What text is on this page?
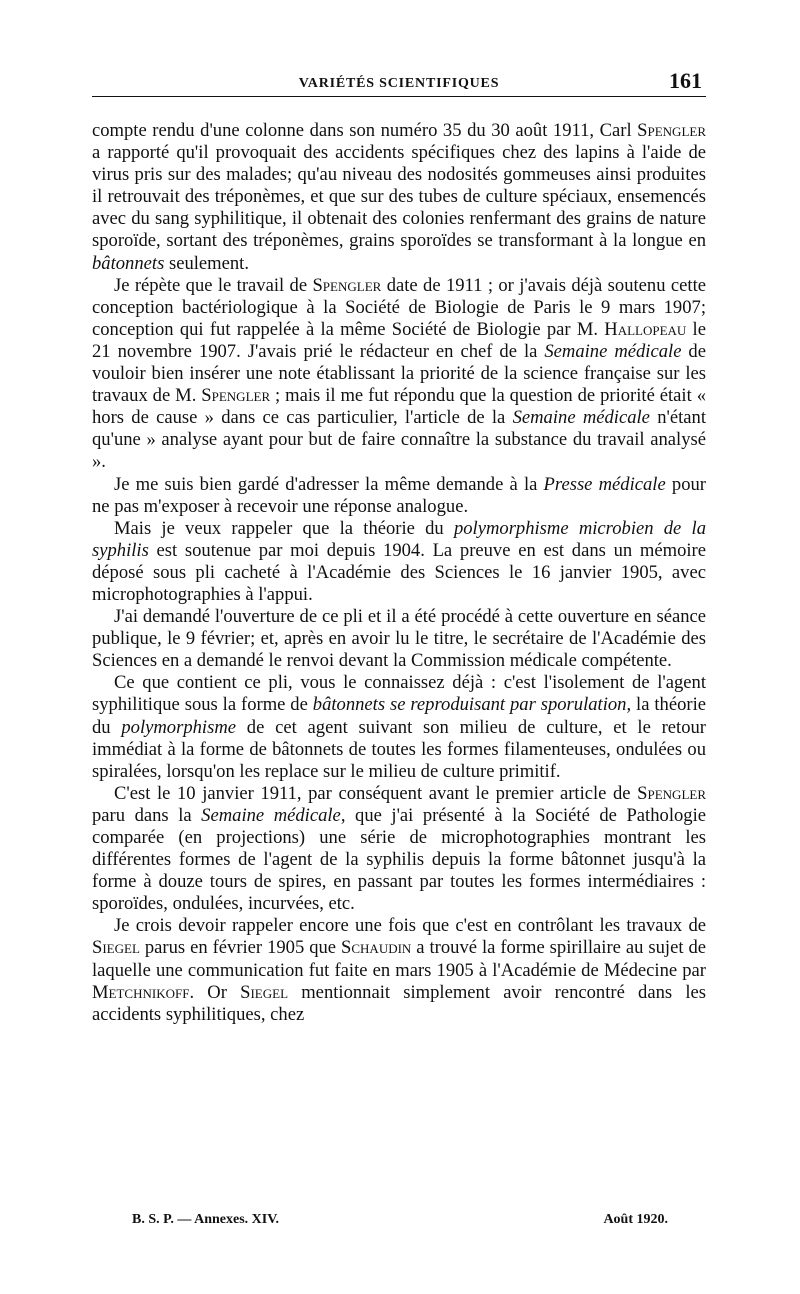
VARIÉTÉS SCIENTIFIQUES	161

compte rendu d'une colonne dans son numéro 35 du 30 août 1911, Carl Spengler a rapporté qu'il provoquait des accidents spécifiques chez des lapins à l'aide de virus pris sur des malades; qu'au niveau des nodosités gommeuses ainsi produites il retrouvait des tréponèmes, et que sur des tubes de culture spéciaux, ensemencés avec du sang syphilitique, il obtenait des colonies renfermant des grains de nature sporoïde, sortant des tréponèmes, grains sporoïdes se transformant à la longue en bâtonnets seulement.

Je répète que le travail de Spengler date de 1911 ; or j'avais déjà soutenu cette conception bactériologique à la Société de Biologie de Paris le 9 mars 1907; conception qui fut rappelée à la même Société de Biologie par M. Hallopeau le 21 novembre 1907. J'avais prié le rédacteur en chef de la Semaine médicale de vouloir bien insérer une note établissant la priorité de la science française sur les travaux de M. Spengler ; mais il me fut répondu que la question de priorité était « hors de cause » dans ce cas particulier, l'article de la Semaine médicale n'étant qu'une » analyse ayant pour but de faire connaître la substance du travail analysé ».

Je me suis bien gardé d'adresser la même demande à la Presse médicale pour ne pas m'exposer à recevoir une réponse analogue.

Mais je veux rappeler que la théorie du polymorphisme microbien de la syphilis est soutenue par moi depuis 1904. La preuve en est dans un mémoire déposé sous pli cacheté à l'Académie des Sciences le 16 janvier 1905, avec microphotographies à l'appui.

J'ai demandé l'ouverture de ce pli et il a été procédé à cette ouverture en séance publique, le 9 février; et, après en avoir lu le titre, le secrétaire de l'Académie des Sciences en a demandé le renvoi devant la Commission médicale compétente.

Ce que contient ce pli, vous le connaissez déjà : c'est l'isolement de l'agent syphilitique sous la forme de bâtonnets se reproduisant par sporulation, la théorie du polymorphisme de cet agent suivant son milieu de culture, et le retour immédiat à la forme de bâtonnets de toutes les formes filamenteuses, ondulées ou spiralées, lorsqu'on les replace sur le milieu de culture primitif.

C'est le 10 janvier 1911, par conséquent avant le premier article de Spengler paru dans la Semaine médicale, que j'ai présenté à la Société de Pathologie comparée (en projections) une série de microphotographies montrant les différentes formes de l'agent de la syphilis depuis la forme bâtonnet jusqu'à la forme à douze tours de spires, en passant par toutes les formes intermédiaires : sporoïdes, ondulées, incurvées, etc.

Je crois devoir rappeler encore une fois que c'est en contrôlant les travaux de Siegel parus en février 1905 que Schaudin a trouvé la forme spirillaire au sujet de laquelle une communication fut faite en mars 1905 à l'Académie de Médecine par Metchnikoff. Or Siegel mentionnait simplement avoir rencontré dans les accidents syphilitiques, chez

B. S. P. — Annexes. XIV.	Août 1920.
